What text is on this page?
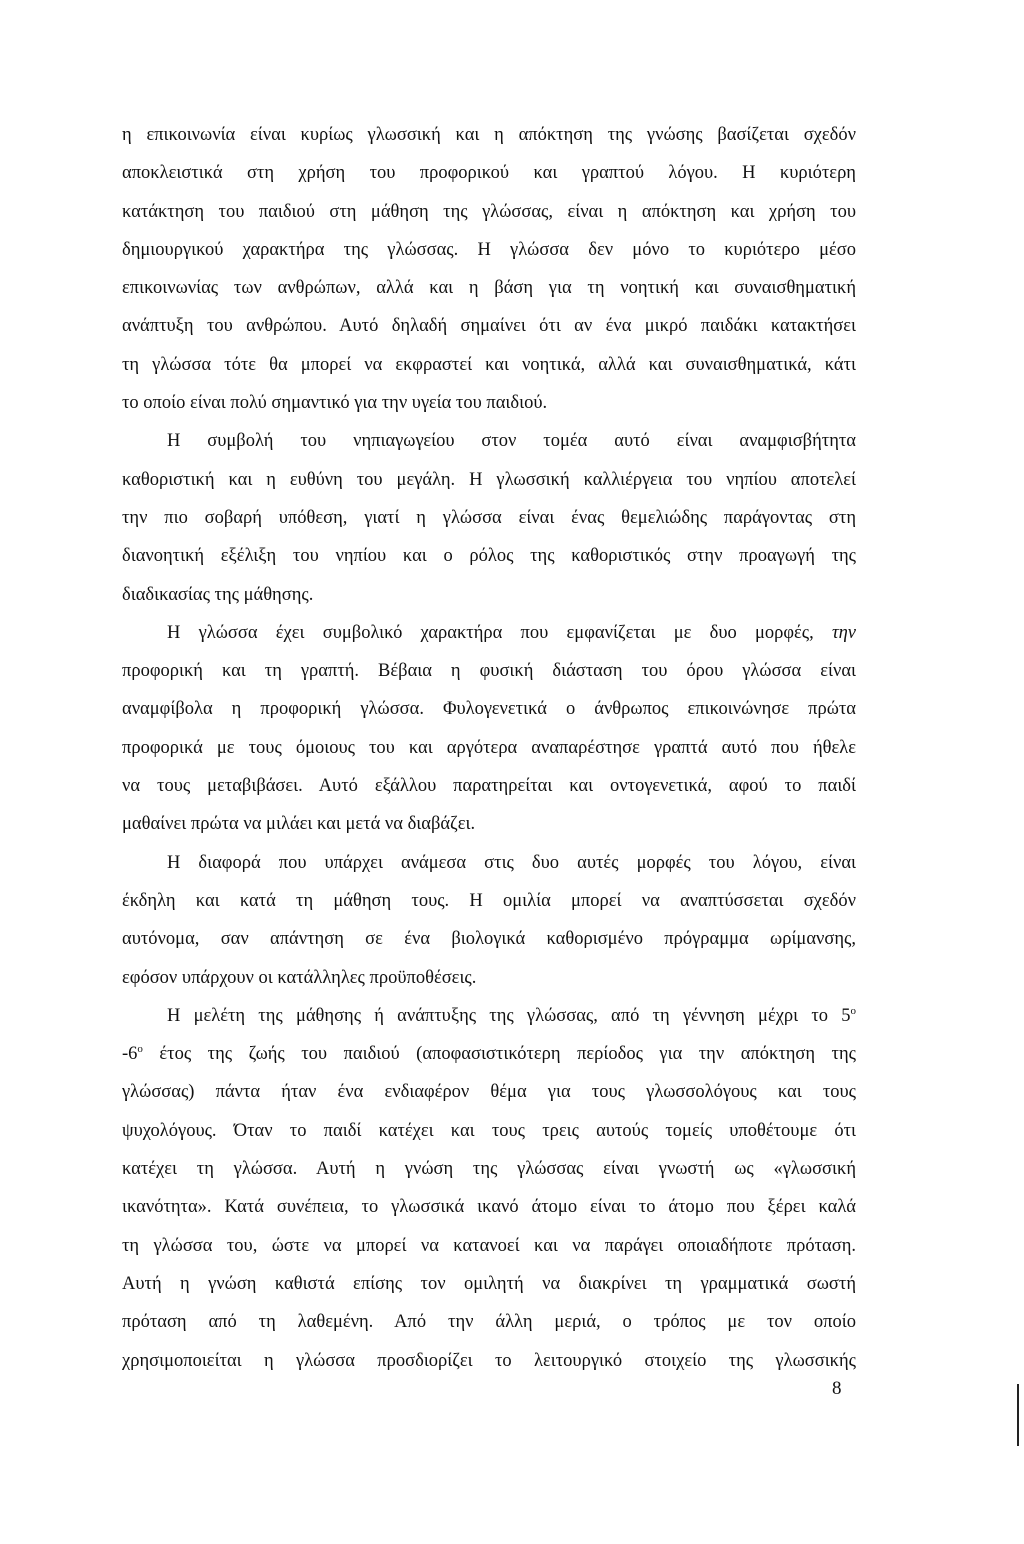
η επικοινωνία είναι κυρίως γλωσσική και η απόκτηση της γνώσης βασίζεται σχεδόν
αποκλειστικά στη χρήση του προφορικού και γραπτού λόγου. Η κυριότερη
κατάκτηση του παιδιού στη μάθηση της γλώσσας, είναι η απόκτηση και χρήση του
δημιουργικού χαρακτήρα της γλώσσας. Η γλώσσα δεν μόνο το κυριότερο μέσο
επικοινωνίας των ανθρώπων, αλλά και η βάση για τη νοητική και συναισθηματική
ανάπτυξη του ανθρώπου. Αυτό δηλαδή σημαίνει ότι αν ένα μικρό παιδάκι κατακτήσει
τη γλώσσα τότε θα μπορεί να εκφραστεί και νοητικά, αλλά και συναισθηματικά, κάτι
το οποίο είναι πολύ σημαντικό για την υγεία του παιδιού.
Η συμβολή του νηπιαγωγείου στον τομέα αυτό είναι αναμφισβήτητα
καθοριστική και η ευθύνη του μεγάλη. Η γλωσσική καλλιέργεια του νηπίου αποτελεί
την πιο σοβαρή υπόθεση, γιατί η γλώσσα είναι ένας θεμελιώδης παράγοντας στη
διανοητική εξέλιξη του νηπίου και ο ρόλος της καθοριστικός στην προαγωγή της
διαδικασίας της μάθησης.
Η γλώσσα έχει συμβολικό χαρακτήρα που εμφανίζεται με δυο μορφές, την
προφορική και τη γραπτή. Βέβαια η φυσική διάσταση του όρου γλώσσα είναι
αναμφίβολα η προφορική γλώσσα. Φυλογενετικά ο άνθρωπος επικοινώνησε πρώτα
προφορικά με τους όμοιους του και αργότερα αναπαρέστησε γραπτά αυτό που ήθελε
να τους μεταβιβάσει. Αυτό εξάλλου παρατηρείται και οντογενετικά, αφού το παιδί
μαθαίνει πρώτα να μιλάει και μετά να διαβάζει.
Η διαφορά που υπάρχει ανάμεσα στις δυο αυτές μορφές του λόγου, είναι
έκδηλη και κατά τη μάθηση τους. Η ομιλία μπορεί να αναπτύσσεται σχεδόν
αυτόνομα, σαν απάντηση σε ένα βιολογικά καθορισμένο πρόγραμμα ωρίμανσης,
εφόσον υπάρχουν οι κατάλληλες προϋποθέσεις.
Η μελέτη της μάθησης ή ανάπτυξης της γλώσσας, από τη γέννηση μέχρι το $5^o$
$-6^o$ έτος της ζωής του παιδιού (αποφασιστικότερη περίοδος για την απόκτηση της
γλώσσας) πάντα ήταν ένα ενδιαφέρον θέμα για τους γλωσσολόγους και τους
ψυχολόγους. Όταν το παιδί κατέχει και τους τρεις αυτούς τομείς υποθέτουμε ότι
κατέχει τη γλώσσα. Αυτή η γνώση της γλώσσας είναι γνωστή ως «γλωσσική
ικανότητα». Κατά συνέπεια, το γλωσσικά ικανό άτομο είναι το άτομο που ξέρει καλά
τη γλώσσα του, ώστε να μπορεί να κατανοεί και να παράγει οποιαδήποτε πρόταση.
Αυτή η γνώση καθιστά επίσης τον ομιλητή να διακρίνει τη γραμματικά σωστή
πρόταση από τη λαθεμένη. Από την άλλη μεριά, ο τρόπος με τον οποίο
χρησιμοποιείται η γλώσσα προσδιορίζει το λειτουργικό στοιχείο της γλωσσικής
8
